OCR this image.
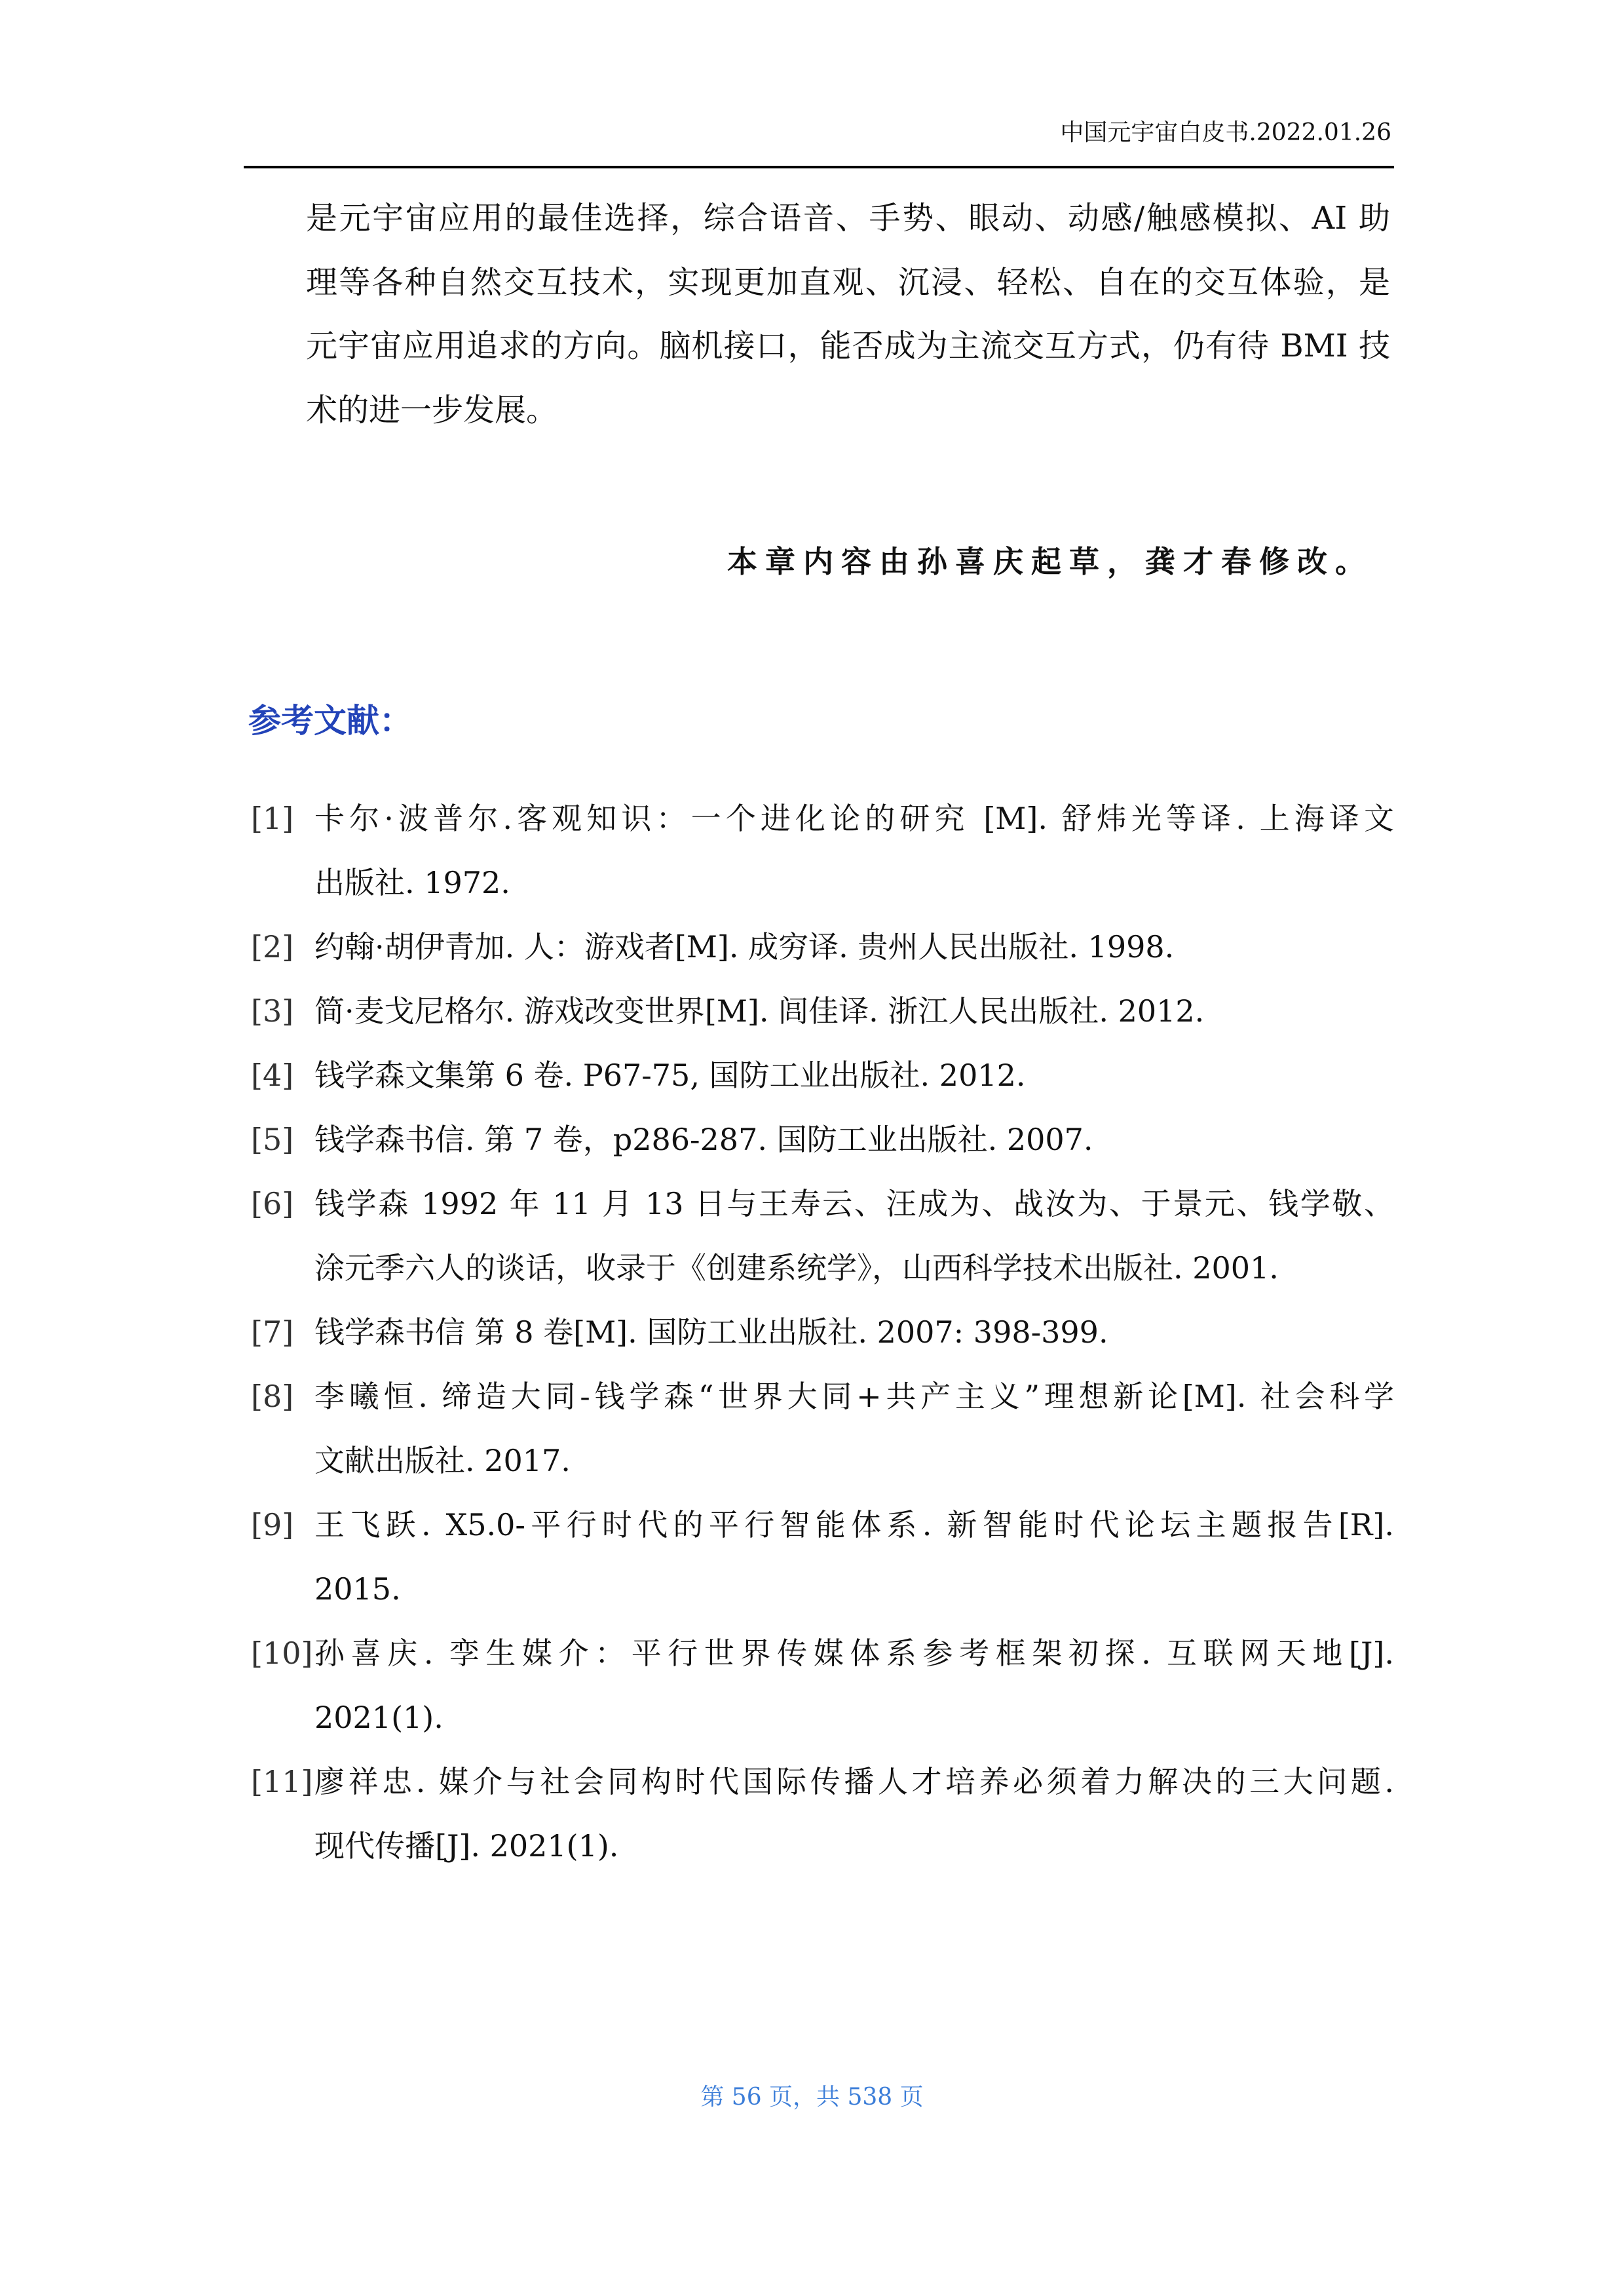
中国元宇宙白皮书.2022.01.26
是元宇宙应用的最佳选择，综合语音、手势、眼动、动感/触感模拟、AI 助
理等各种自然交互技术，实现更加直观、沉浸、轻松、自在的交互体验，是
元宇宙应用追求的方向。脑机接口，能否成为主流交互方式，仍有待 BMI 技
术的进一步发展。
本章内容由孙喜庆起草，龚才春修改。
参考文献：
[1] 卡尔·波普尔.客观知识：一个进化论的研究 [M]. 舒炜光等译. 上海译文
出版社. 1972.
[2] 约翰·胡伊青加. 人：游戏者[M]. 成穷译. 贵州人民出版社. 1998.
[3] 简·麦戈尼格尔. 游戏改变世界[M]. 闾佳译. 浙江人民出版社. 2012.
[4] 钱学森文集第 6 卷. P67-75, 国防工业出版社. 2012.
[5] 钱学森书信. 第 7 卷，p286-287. 国防工业出版社. 2007.
[6] 钱学森 1992 年 11 月 13 日与王寿云、汪成为、战汝为、于景元、钱学敬、
涂元季六人的谈话，收录于《创建系统学》，山西科学技术出版社. 2001.
[7] 钱学森书信 第 8 卷[M]. 国防工业出版社. 2007: 398-399.
[8] 李曦恒. 缔造大同-钱学森“世界大同+共产主义”理想新论[M]. 社会科学
文献出版社. 2017.
[9] 王飞跃. X5.0-平行时代的平行智能体系. 新智能时代论坛主题报告[R].
2015.
[10] 孙喜庆. 孪生媒介：平行世界传媒体系参考框架初探. 互联网天地[J].
2021(1).
[11] 廖祥忠. 媒介与社会同构时代国际传播人才培养必须着力解决的三大问题.
现代传播[J]. 2021(1).
第 56 页，共 538 页
